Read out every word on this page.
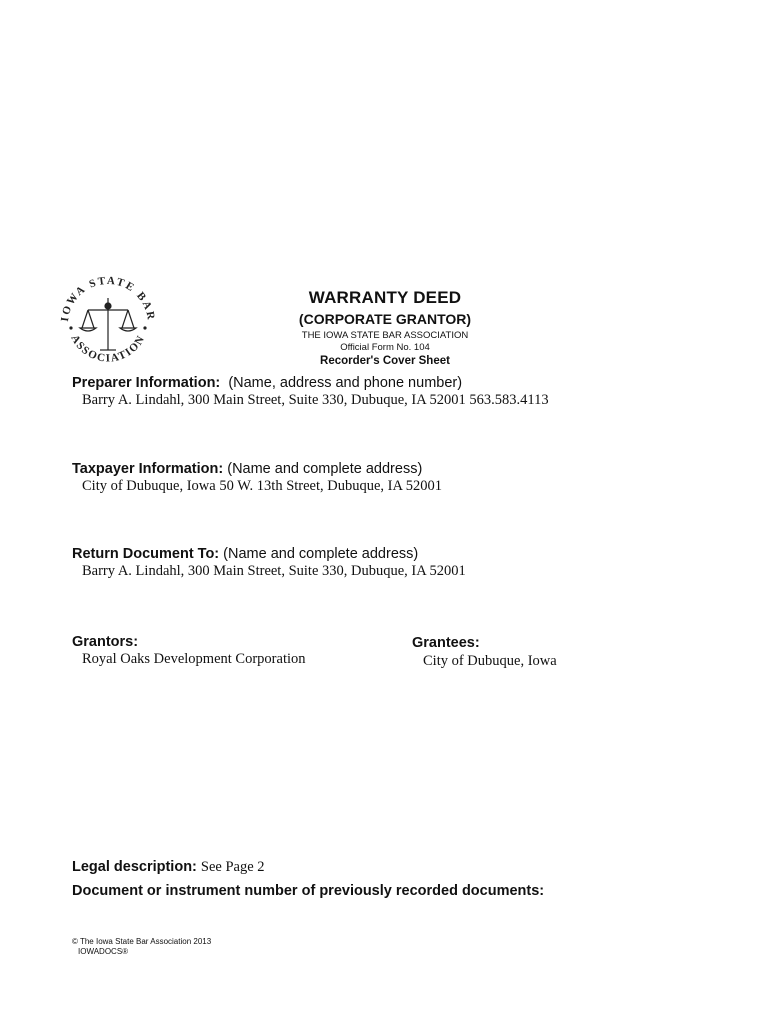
IOWA STATE BAR
ASSOCIATION
WARRANTY DEED
(CORPORATE GRANTOR)
THE IOWA STATE BAR ASSOCIATION
Official Form No. 104
Recorder's Cover Sheet
Preparer Information: (Name, address and phone number)
Barry A. Lindahl, 300 Main Street, Suite 330, Dubuque, IA 52001 563.583.4113
Taxpayer Information: (Name and complete address)
City of Dubuque, Iowa 50 W. 13th Street, Dubuque, IA 52001
Return Document To: (Name and complete address)
Barry A. Lindahl, 300 Main Street, Suite 330, Dubuque, IA 52001
Grantors:
Royal Oaks Development Corporation
Grantees:
City of Dubuque, Iowa
Legal description: See Page 2
Document or instrument number of previously recorded documents:
© The Iowa State Bar Association 2013
IOWADOCS®
